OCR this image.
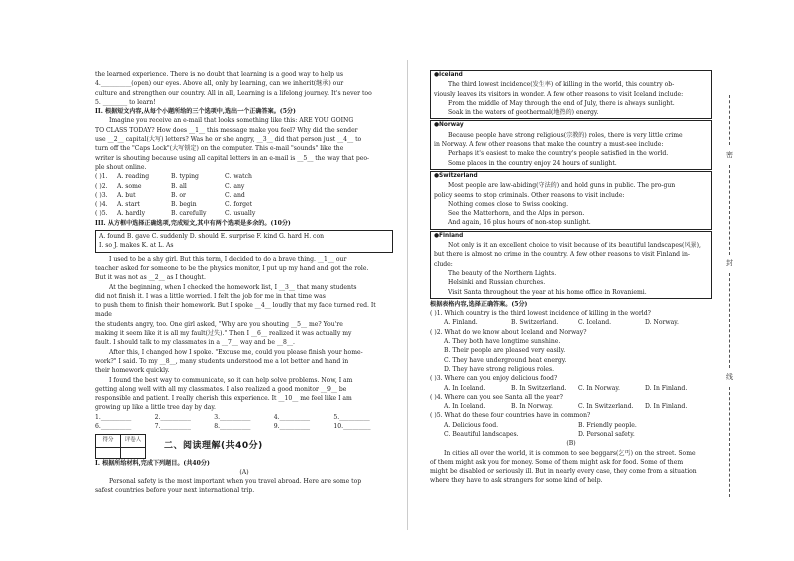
the learned experience. There is no doubt that learning is a good way to help us

4.__________(open) our eyes. Above all, only by learning, can we inherit(继承) our

culture and strengthen our country. All in all, Learning is a lifelong journey. It's never too

5. ________ to learn!

II. 根据短文内容,从每个小题所给的三个选项中,选出一个正确答案。(5分)

Imagine you receive an e-mail that looks something like this: ARE YOU GOING

TO CLASS TODAY? How does __1__ this message make you feel? Why did the sender

use __2__ capital(大写) letters? Was he or she angry, __3__ did that person just __4__ to

turn off the "Caps Lock"(大写锁定) on the computer. This e-mail "sounds" like the

writer is shouting because using all capital letters in an e-mail is __5__ the way that peo-

ple shout online.

( )1.	A. reading	B. typing	C. watch
( )2.	A. some	B. all	C. any
( )3.	A. but	B. or	C. and
( )4.	A. start	B. begin	C. forget
( )5.	A. hardly	B. carefully	C. usually

III. 从方框中选择正确选项,完成短文,其中有两个选项是多余的。(10分)

A. found B. gave C. suddenly D. should E. surprise F. kind G. hard H. con

I. so J. makes K. at L. As

I used to be a shy girl. But this term, I decided to do a brave thing. __1__ our

teacher asked for someone to be the physics monitor, I put up my hand and got the role.

But it was not as __2__ as I thought.

At the beginning, when I checked the homework list, I __3__ that many students

did not finish it. I was a little worried. I felt the job for me in that time was

to push them to finish their homework. But I spoke __4__ loudly that my face turned red. It made

the students angry, too. One girl asked, "Why are you shouting __5__ me? You're

making it seem like it is all my fault(过失)." Then I __6__ realized it was actually my

fault. I should talk to my classmates in a __7__ way and be __8__.

After this, I changed how I spoke. "Excuse me, could you please finish your home-

work?" I said. To my __8__, many students understood me a lot better and hand in

their homework quickly.

I found the best way to communicate, so it can help solve problems. Now, I am

getting along well with all my classmates. I also realized a good monitor __9__ be

responsible and patient. I really cherish this experience. It __10__ me feel like I am

growing up like a little tree day by day.

1.__________	2.__________	3.__________	4.__________	5.__________
6.__________	7.__________	8.__________	9.__________	10._________
得分	评卷人

二、阅读理解(共40分)

I. 根据所给材料,完成下列题目。(共40分)

(A)

Personal safety is the most important when you travel abroad. Here are some top

safest countries before your next international trip.

●Iceland

The third lowest incidence(发生率) of killing in the world, this country ob-

viously leaves its visitors in wonder. A few other reasons to visit Iceland include:

From the middle of May through the end of July, there is always sunlight.

Soak in the waters of geothermal(地热的) energy.

●Norway

Because people have strong religious(宗教的) roles, there is very little crime

in Norway. A few other reasons that make the country a must-see include:

Perhaps it's easiest to make the country's people satisfied in the world.

Some places in the country enjoy 24 hours of sunlight.

●Switzerland

Most people are law-abiding(守法的) and hold guns in public. The pro-gun

policy seems to stop criminals. Other reasons to visit include:

Nothing comes close to Swiss cooking.

See the Matterhorn, and the Alps in person.

And again, 16 plus hours of non-stop sunlight.

●Finland

Not only is it an excellent choice to visit because of its beautiful landscapes(风景),

but there is almost no crime in the country. A few other reasons to visit Finland in-

clude:

The beauty of the Northern Lights.

Helsinki and Russian churches.

Visit Santa throughout the year at his home office in Rovaniemi.

根据表格内容,选择正确答案。(5分)

( )1. Which country is the third lowest incidence of killing in the world?

A. Finland.	B. Switzerland.	C. Iceland.	D. Norway.

( )2. What do we know about Iceland and Norway?

A. They both have longtime sunshine.

B. Their people are pleased very easily.

C. They have underground heat energy.

D. They have strong religious roles.

( )3. Where can you enjoy delicious food?

A. In Iceland.	B. In Switzerland.	C. In Norway.	D. In Finland.

( )4. Where can you see Santa all the year?

A. In Iceland.	B. In Norway.	C. In Switzerland.	D. In Finland.

( )5. What do these four countries have in common?

A. Delicious food.	B. Friendly people.
C. Beautiful landscapes.	D. Personal safety.

(B)

In cities all over the world, it is common to see beggars(乞丐) on the street. Some

of them might ask you for money. Some of them might ask for food. Some of them

might be disabled or seriously ill. But in nearly every case, they come from a situation

where they have to ask strangers for some kind of help.

密
封
线
